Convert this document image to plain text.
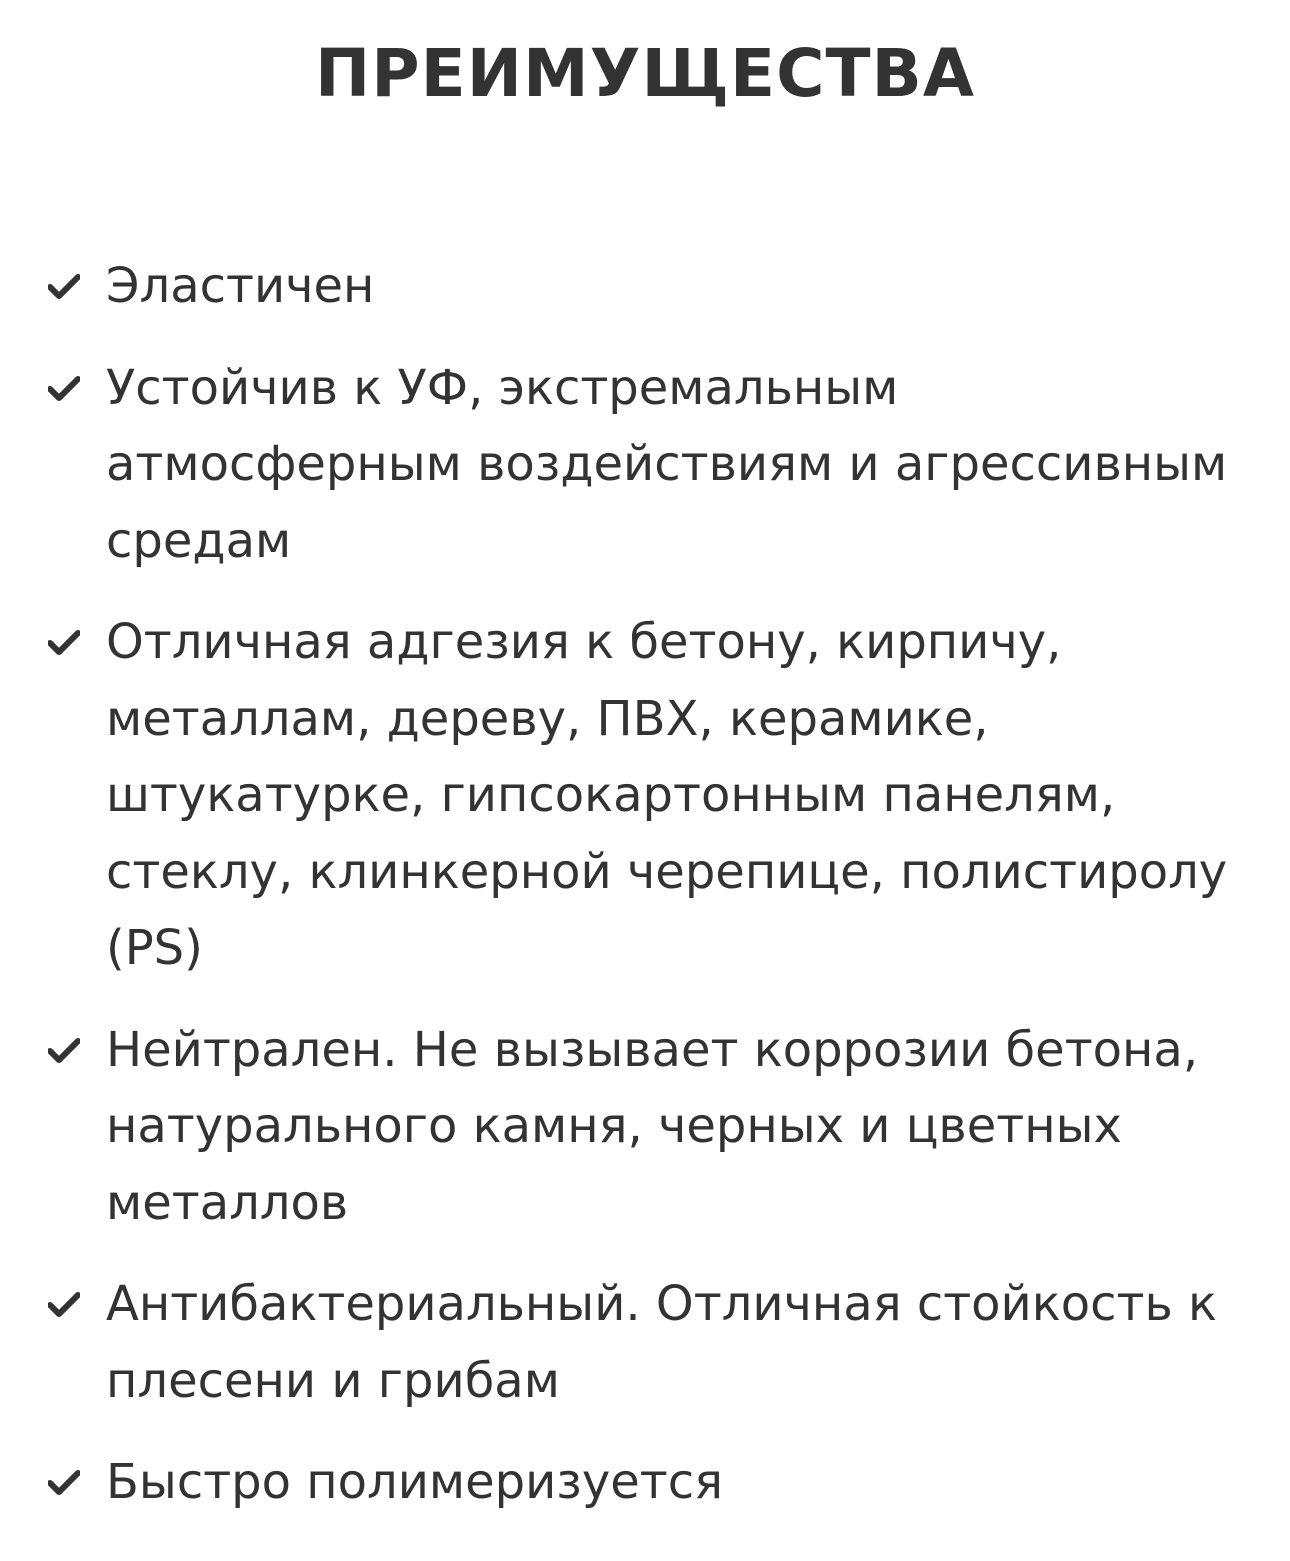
ПРЕИМУЩЕСТВА
Эластичен
Устойчив к УФ, экстремальным атмосферным воздействиям и агрессивным средам
Отличная адгезия к бетону, кирпичу, металлам, дереву, ПВХ, керамике, штукатурке, гипсокартонным панелям, стеклу, клинкерной черепице, полистиролу (PS)
Нейтрален. Не вызывает коррозии бетона, натурального камня, черных и цветных металлов
Антибактериальный. Отличная стойкость к плесени и грибам
Быстро полимеризуется
